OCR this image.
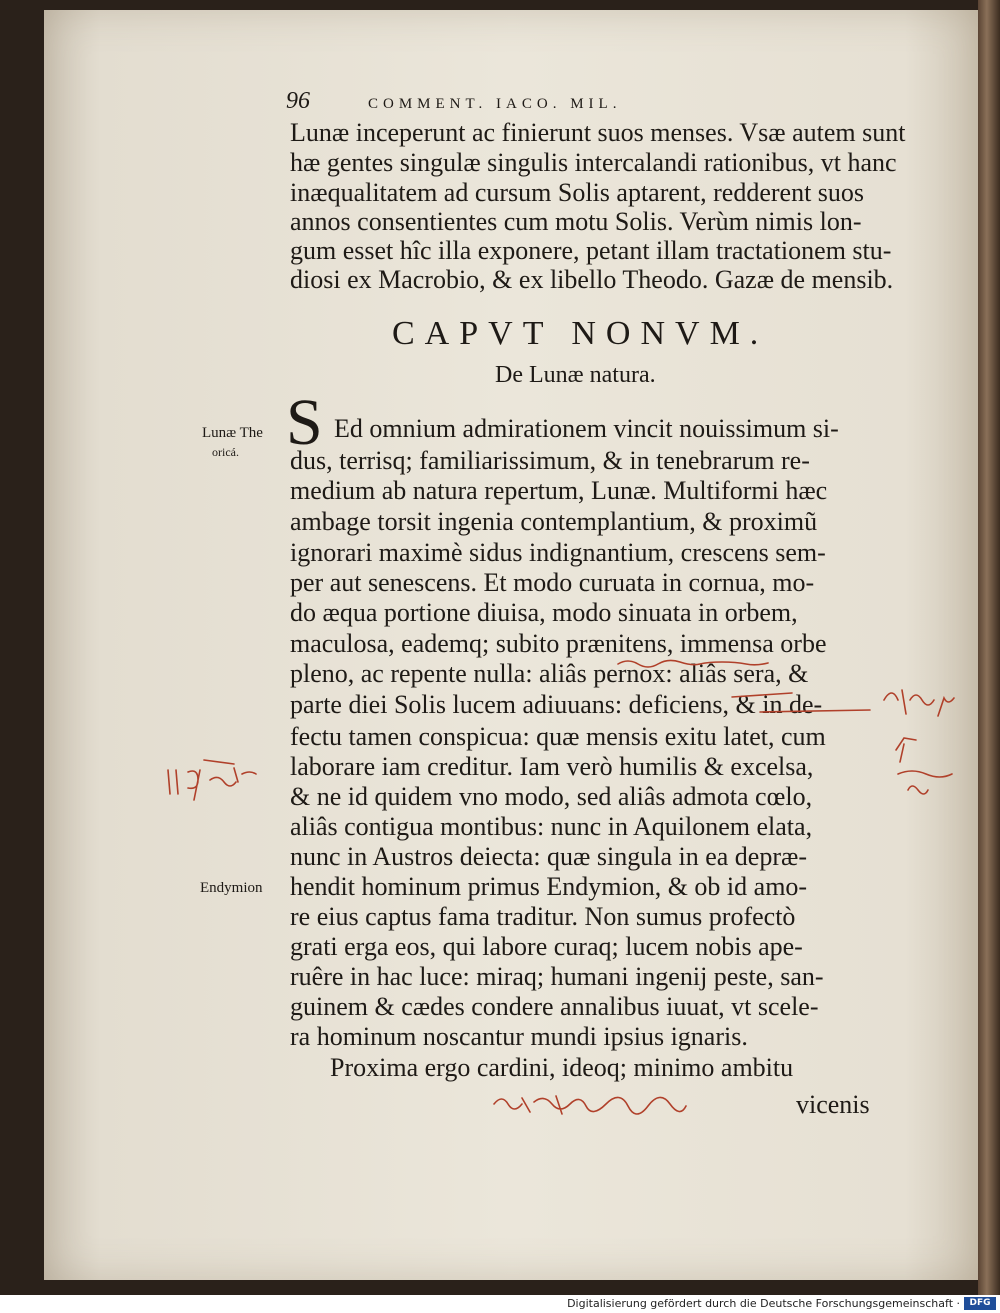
96	COMMENT. IACO. MIL.
Lunæ inceperunt ac finierunt suos menses. Vsæ autem sunt
hæ gentes singulæ singulis intercalandi rationibus, vt hanc
inæqualitatem ad cursum Solis aptarent, redderent suos
annos consentientes cum motu Solis. Verùm nimis lon-
gum esset hîc illa exponere, petant illam tractationem stu-
diosi ex Macrobio, & ex libello Theodo. Gazæ de mensib.
CAPVT NONVM.
De Lunæ natura.
Lunæ The
oricá.
Endymion
S Ed omnium admirationem vincit nouissimum si-
dus, terrisq; familiarissimum, & in tenebrarum re-
medium ab natura repertum, Lunæ. Multiformi hæc
ambage torsit ingenia contemplantium, & proximũ
ignorari maximè sidus indignantium, crescens sem-
per aut senescens. Et modo curuata in cornua, mo-
do æqua portione diuisa, modo sinuata in orbem,
maculosa, eademq; subito prænitens, immensa orbe
pleno, ac repente nulla: aliâs pernox: aliâs sera, &
parte diei Solis lucem adiuuans: deficiens, & in de-
fectu tamen conspicua: quæ mensis exitu latet, cum
laborare iam creditur. Iam verò humilis & excelsa,
& ne id quidem vno modo, sed aliâs admota cœlo,
aliâs contigua montibus: nunc in Aquilonem elata,
nunc in Austros deiecta: quæ singula in ea depræ-
hendit hominum primus Endymion, & ob id amo-
re eius captus fama traditur. Non sumus profectò
grati erga eos, qui labore curaq; lucem nobis ape-
ruêre in hac luce: miraq; humani ingenij peste, san-
guinem & cædes condere annalibus iuuat, vt scele-
ra hominum noscantur mundi ipsius ignaris.
Proxima ergo cardini, ideoq; minimo ambitu
vicenis
Digitalisierung gefördert durch die Deutsche Forschungsgemeinschaft ·	DFG
